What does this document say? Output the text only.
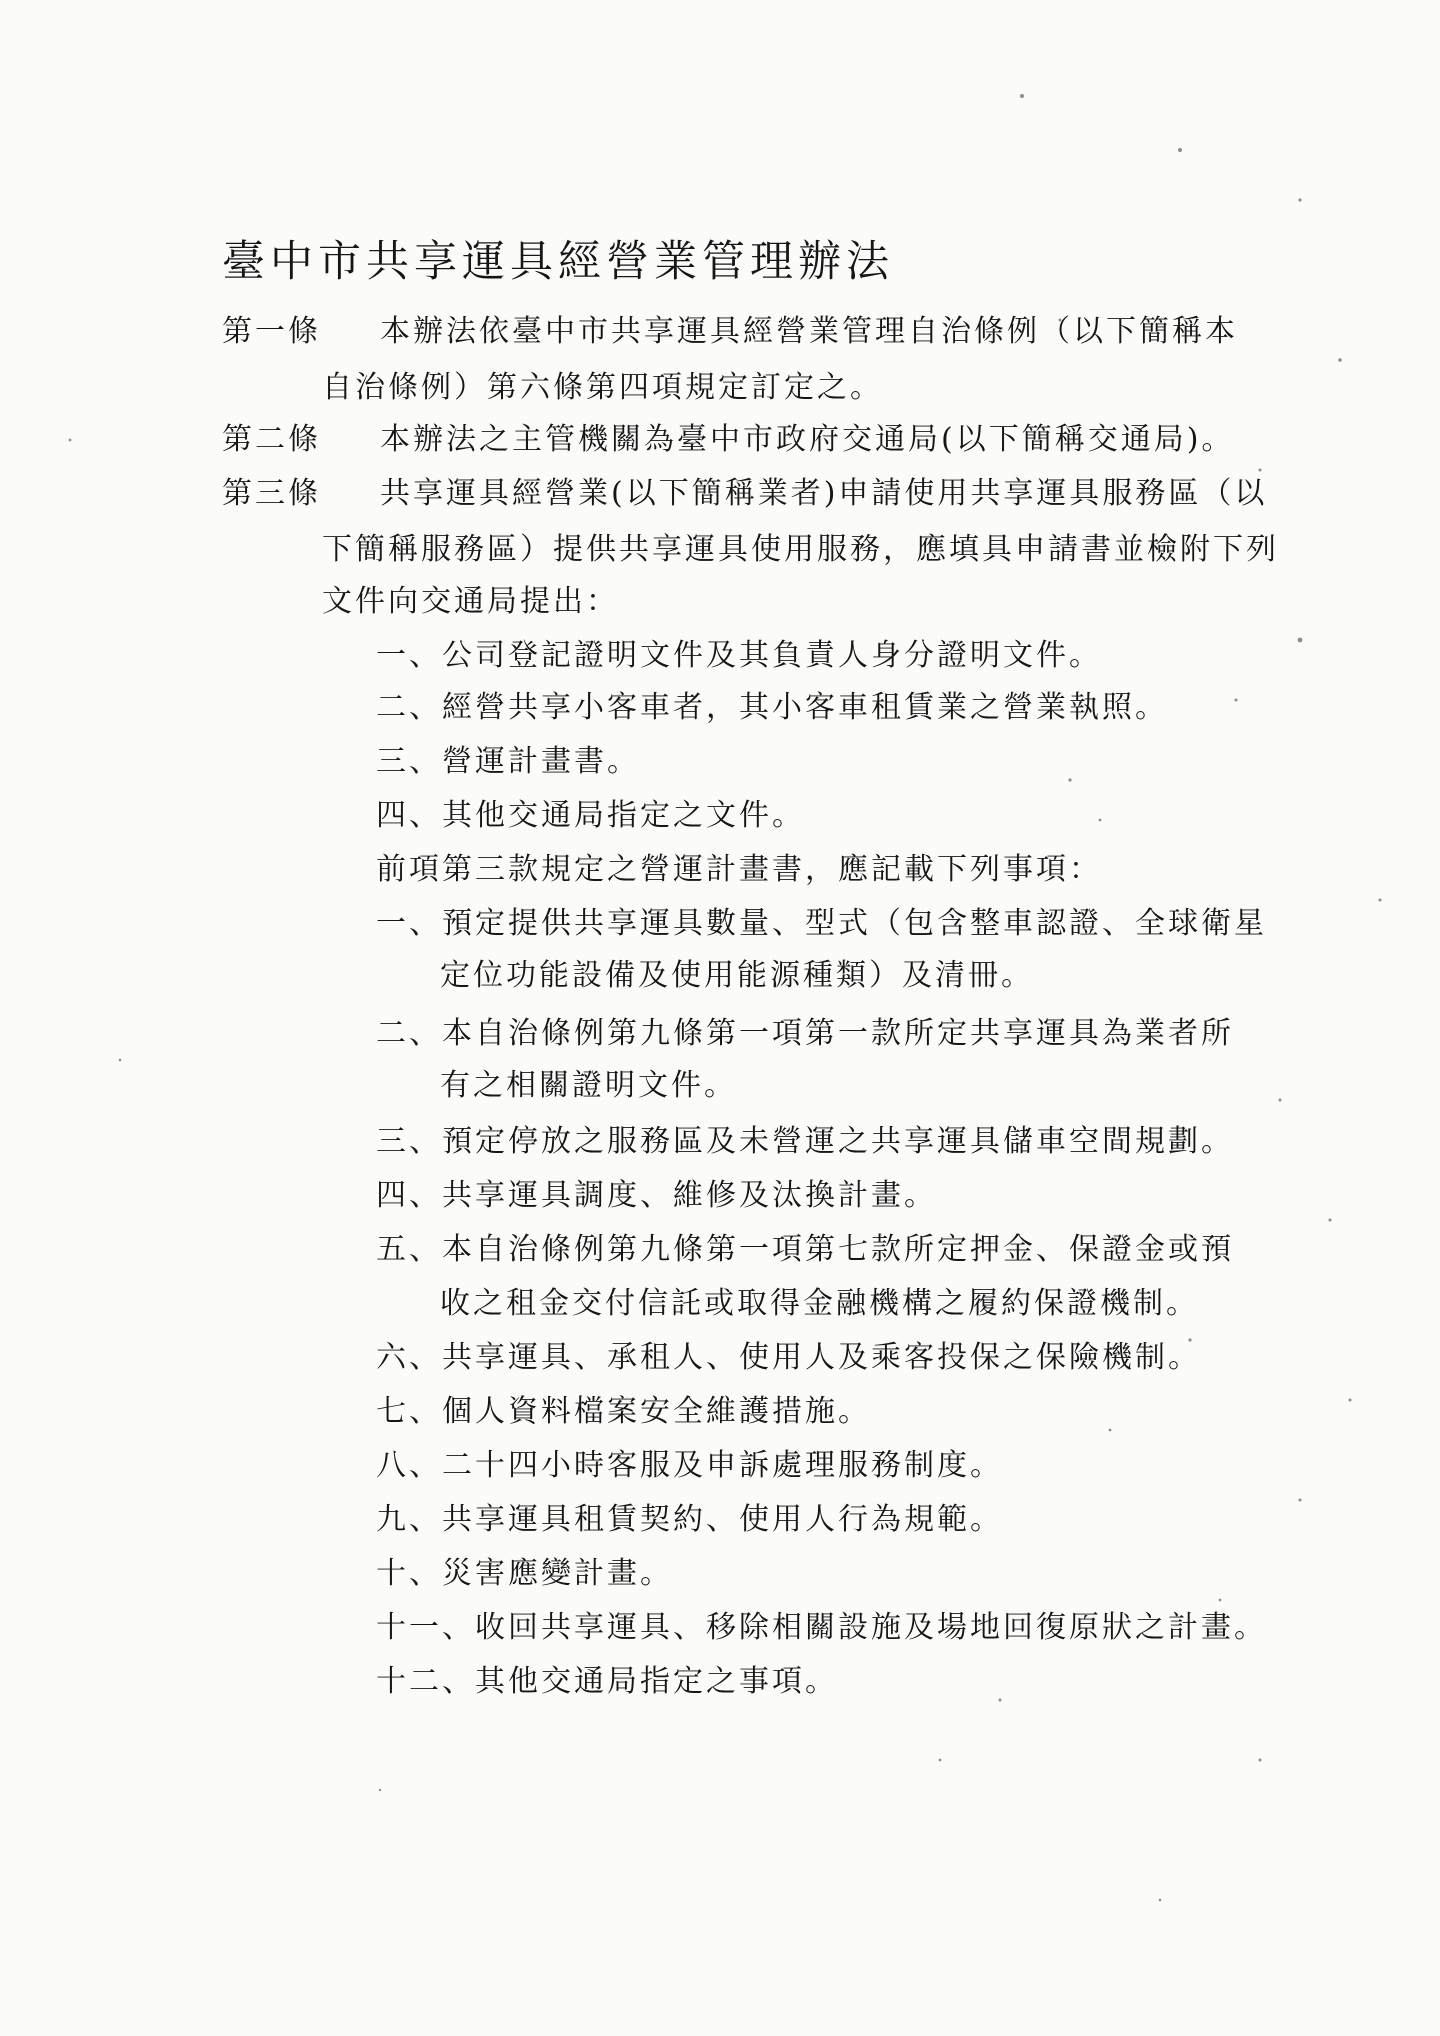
臺中市共享運具經營業管理辦法
第一條 本辦法依臺中市共享運具經營業管理自治條例（以下簡稱本
自治條例）第六條第四項規定訂定之。
第二條 本辦法之主管機關為臺中市政府交通局(以下簡稱交通局)。
第三條 共享運具經營業(以下簡稱業者)申請使用共享運具服務區（以
下簡稱服務區）提供共享運具使用服務，應填具申請書並檢附下列
文件向交通局提出：
一、公司登記證明文件及其負責人身分證明文件。
二、經營共享小客車者，其小客車租賃業之營業執照。
三、營運計畫書。
四、其他交通局指定之文件。
前項第三款規定之營運計畫書，應記載下列事項：
一、預定提供共享運具數量、型式（包含整車認證、全球衛星
定位功能設備及使用能源種類）及清冊。
二、本自治條例第九條第一項第一款所定共享運具為業者所
有之相關證明文件。
三、預定停放之服務區及未營運之共享運具儲車空間規劃。
四、共享運具調度、維修及汰換計畫。
五、本自治條例第九條第一項第七款所定押金、保證金或預
收之租金交付信託或取得金融機構之履約保證機制。
六、共享運具、承租人、使用人及乘客投保之保險機制。
七、個人資料檔案安全維護措施。
八、二十四小時客服及申訴處理服務制度。
九、共享運具租賃契約、使用人行為規範。
十、災害應變計畫。
十一、收回共享運具、移除相關設施及場地回復原狀之計畫。
十二、其他交通局指定之事項。
